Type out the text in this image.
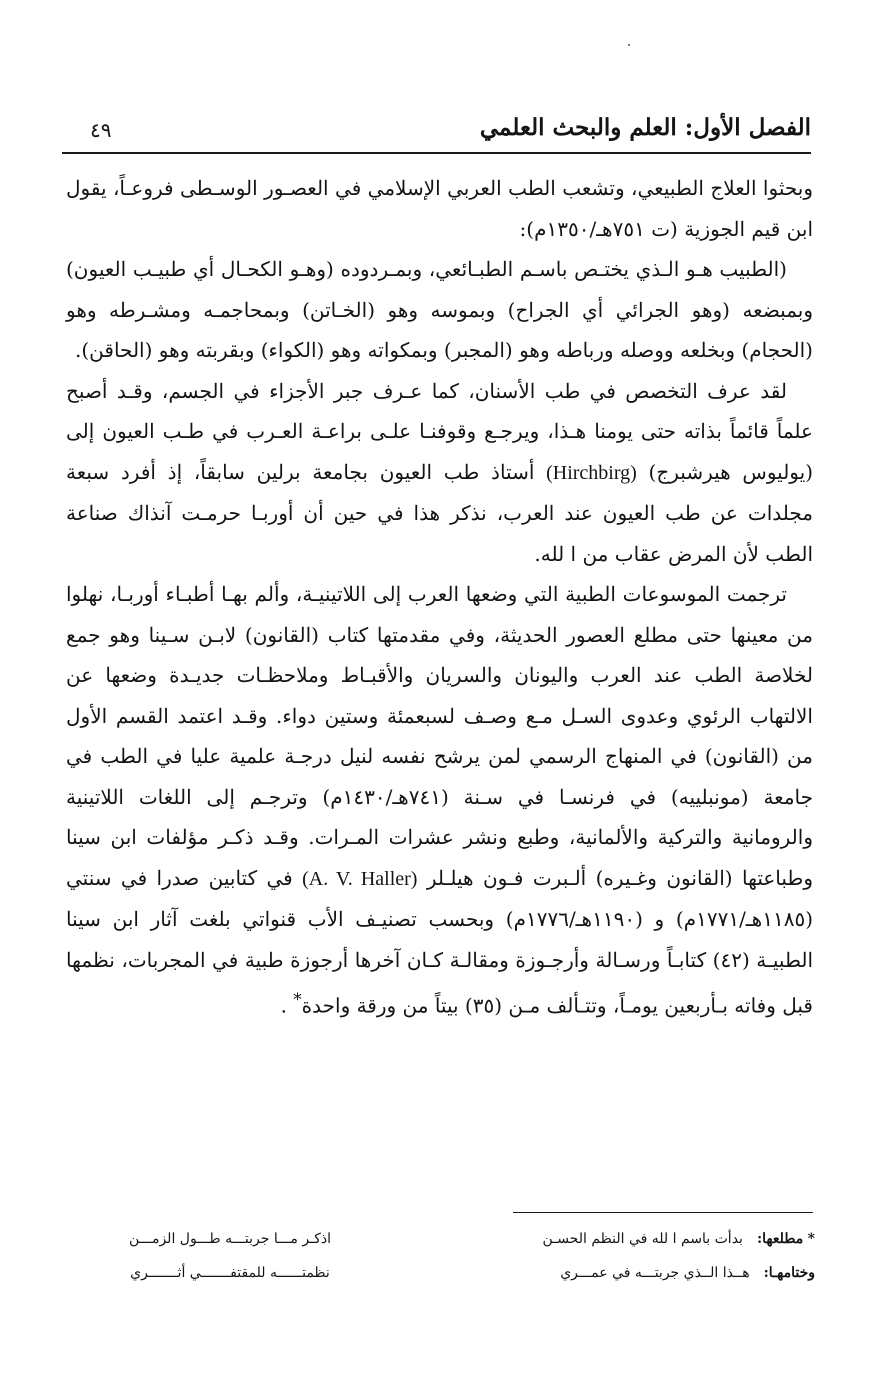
الفصل الأول: العلم والبحث العلمي
٤٩

وبحثوا العلاج الطبيعي، وتشعب الطب العربي الإسلامي في العصـور الوسـطى فروعـاً، يقول ابن قيم الجوزية (ت ٧٥١هـ/١٣٥٠م):

(الطبيب هـو الـذي يختـص باسـم الطبـائعي، وبمـردوده (وهـو الكحـال أي طبيـب العيون) وبمبضعه (وهو الجرائي أي الجراح) وبموسه وهو (الخـاتن) وبمحاجمـه ومشـرطه وهو (الحجام) وبخلعه ووصله ورباطه وهو (المجبر) وبمكواته وهو (الكواء) وبقربته وهو (الحاقن).

لقد عرف التخصص في طب الأسنان، كما عـرف جبر الأجزاء في الجسم، وقـد أصبح علماً قائماً بذاته حتى يومنا هـذا، ويرجـع وقوفنـا علـى براعـة العـرب في طـب العيون إلى (يوليوس هيرشبرج) (Hirchbirg) أستاذ طب العيون بجامعة برلين سابقاً، إذ أفرد سبعة مجلدات عن طب العيون عند العرب، نذكر هذا في حين أن أوربـا حرمـت آنذاك صناعة الطب لأن المرض عقاب من ا لله.

ترجمت الموسوعات الطبية التي وضعها العرب إلى اللاتينيـة، وألم بهـا أطبـاء أوربـا، نهلوا من معينها حتى مطلع العصور الحديثة، وفي مقدمتها كتاب (القانون) لابـن سـينا وهو جمع لخلاصة الطب عند العرب واليونان والسريان والأقبـاط وملاحظـات جديـدة وضعها عن الالتهاب الرئوي وعدوى السـل مـع وصـف لسبعمئة وستين دواء. وقـد اعتمد القسم الأول من (القانون) في المنهاج الرسمي لمن يرشح نفسه لنيل درجـة علمية عليا في الطب في جامعة (مونبلييه) في فرنسـا في سـنة (٧٤١هـ/١٤٣٠م) وترجـم إلى اللغات اللاتينية والرومانية والتركية والألمانية، وطبع ونشر عشرات المـرات. وقـد ذكـر مؤلفات ابن سينا وطباعتها (القانون وغـيره) ألـبرت فـون هيلـلر (A. V. Haller) في كتابين صدرا في سنتي (١١٨٥هـ/١٧٧١م) و (١١٩٠هـ/١٧٧٦م) وبحسب تصنيـف الأب قنواتي بلغت آثار ابن سينا الطبيـة (٤٢) كتابـاً ورسـالة وأرجـوزة ومقالـة كـان آخرها أرجوزة طبية في المجربات، نظمها قبل وفاته بـأربعين يومـاً، وتتـألف مـن (٣٥) بيتاً من ورقة واحدة* .

* مطلعها:بدأت باسم ا لله في النظم الحسـن
اذكـر مـــا جربتـــه طـــول الزمـــن
وختامهـا:هــذا الــذي جربتـــه في عمـــري
نظمتــــــه للمقتفـــــــي أثـــــــري
